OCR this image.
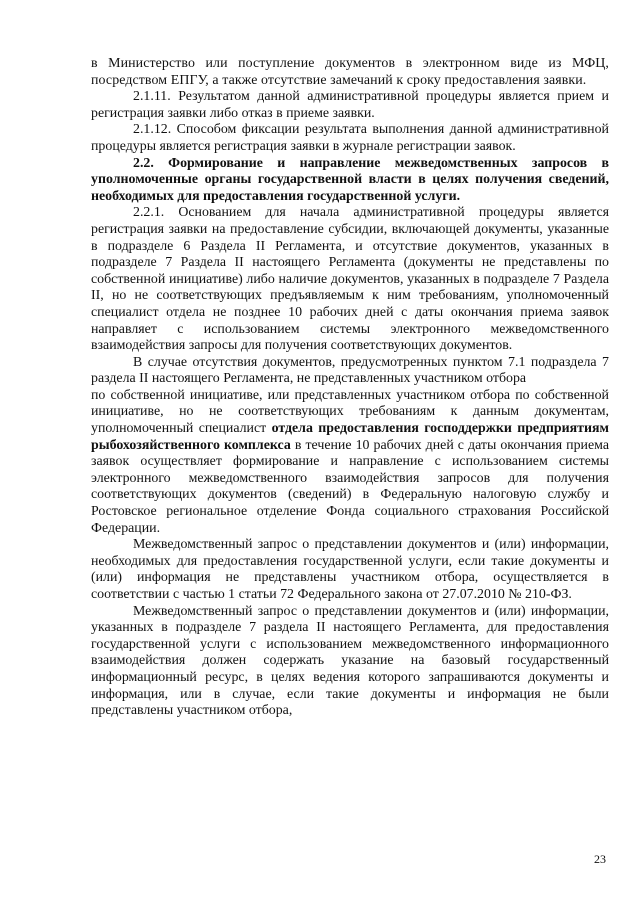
в Министерство или поступление документов в электронном виде из МФЦ, посредством ЕПГУ, а также отсутствие замечаний к сроку предоставления заявки.

2.1.11. Результатом данной административной процедуры является прием и регистрация заявки либо отказ в приеме заявки.

2.1.12. Способом фиксации результата выполнения данной административной процедуры является регистрация заявки в журнале регистрации заявок.

2.2. Формирование и направление межведомственных запросов в уполномоченные органы государственной власти в целях получения сведений, необходимых для предоставления государственной услуги.

2.2.1. Основанием для начала административной процедуры является регистрация заявки на предоставление субсидии, включающей документы, указанные в подразделе 6 Раздела II Регламента, и отсутствие документов, указанных в подразделе 7 Раздела II настоящего Регламента (документы не представлены по собственной инициативе) либо наличие документов, указанных в подразделе 7 Раздела II, но не соответствующих предъявляемым к ним требованиям, уполномоченный специалист отдела не позднее 10 рабочих дней с даты окончания приема заявок направляет с использованием системы электронного межведомственного взаимодействия запросы для получения соответствующих документов.

В случае отсутствия документов, предусмотренных пунктом 7.1 подраздела 7 раздела II настоящего Регламента, не представленных участником отбора

по собственной инициативе, или представленных участником отбора по собственной инициативе, но не соответствующих требованиям к данным документам, уполномоченный специалист отдела предоставления господдержки предприятиям рыбохозяйственного комплекса в течение 10 рабочих дней с даты окончания приема заявок осуществляет формирование и направление с использованием системы электронного межведомственного взаимодействия запросов для получения соответствующих документов (сведений) в Федеральную налоговую службу и Ростовское региональное отделение Фонда социального страхования Российской Федерации.

Межведомственный запрос о представлении документов и (или) информации, необходимых для предоставления государственной услуги, если такие документы и (или) информация не представлены участником отбора, осуществляется в соответствии с частью 1 статьи 72 Федерального закона от 27.07.2010 № 210-ФЗ.

Межведомственный запрос о представлении документов и (или) информации, указанных в подразделе 7 раздела II настоящего Регламента, для предоставления государственной услуги с использованием межведомственного информационного взаимодействия должен содержать указание на базовый государственный информационный ресурс, в целях ведения которого запрашиваются документы и информация, или в случае, если такие документы и информация не были представлены участником отбора,

23
